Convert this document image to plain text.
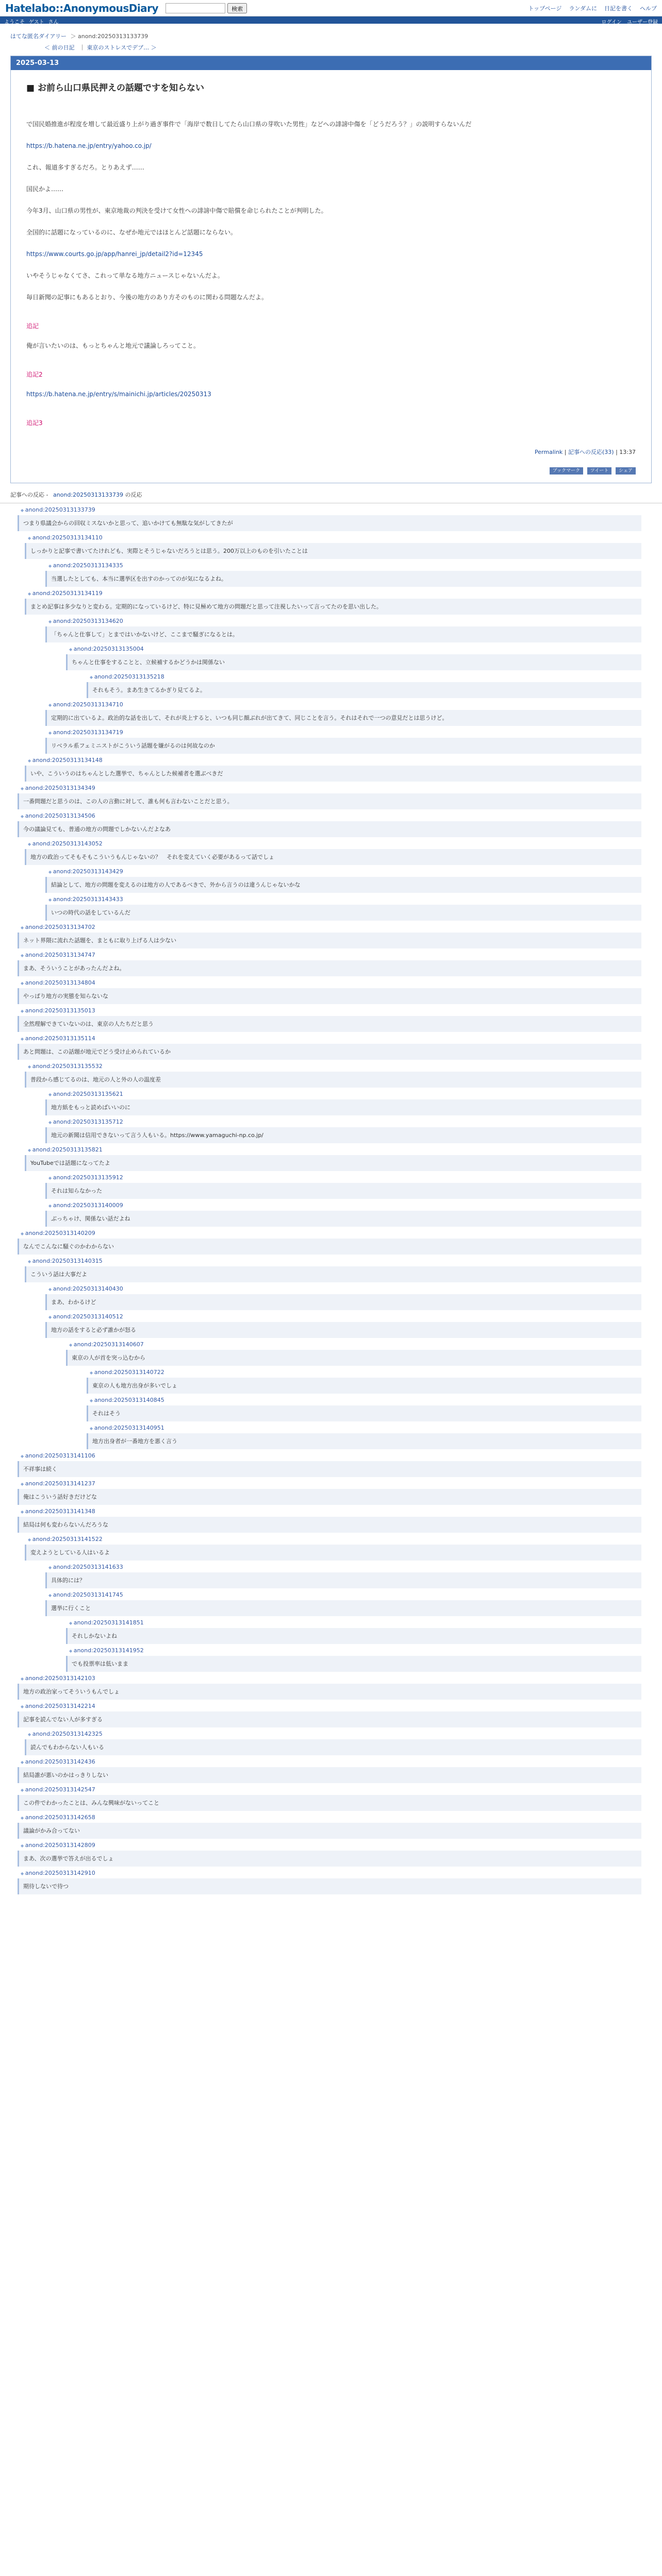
Hatelabo::AnonymousDiary	検索	トップページ ランダムに 日記を書く ヘルプ
ようこそ ゲスト さん	ログイン ユーザー登録
はてな匿名ダイアリー ＞ anond:20250313133739
＜ 前の日記 ｜ 東京のストレスでデブ… ＞
2025-03-13
■ お前ら山口県民押えの話題ですを知らない

で国民婚推進が程度を増して最近盛り上がり過ぎ事件で「海岸で数日してたら山口県の芽吹いた男性」などへの誹謗中傷を「どうだろう？」の説明すらないんだ

https://b.hatena.ne.jp/entry/yahoo.co.jp/

これ、報道多すぎるだろ。とりあえず……

国民かよ……

今年3月、山口県の男性が、東京地裁の判決を受けて女性への誹謗中傷で賠償を命じられたことが判明した。

全国的に話題になっているのに、なぜか地元ではほとんど話題にならない。

https://www.courts.go.jp/app/hanrei_jp/detail2?id=12345

いやそうじゃなくてさ、これって単なる地方ニュースじゃないんだよ。

毎日新聞の記事にもあるとおり、今後の地方のあり方そのものに関わる問題なんだよ。

追記

俺が言いたいのは、もっとちゃんと地元で議論しろってこと。

追記2

https://b.hatena.ne.jp/entry/s/mainichi.jp/articles/20250313

追記3
Permalink | 記事への反応(33) | 13:37
ブックマーク ツイート シェア
記事への反応 - anond:20250313133739 の反応
◆ anond:20250313133739
つまり県議会からの回収ミスないかと思って、追いかけても無駄な気がしてきたが
◆ anond:20250313134110
しっかりと記事で書いてたけれども、実際とそうじゃないだろうとは思う。200万以上のものを引いたことは
◆ anond:20250313134335
当選したとしても、本当に選挙区を出すのかってのが気になるよね。
◆ anond:20250313134119
まとめ記事は多少なりと変わる。定期的になっているけど、特に見極めて地方の問題だと思って注視したいって言ってたのを思い出した。
◆ anond:20250313134620
「ちゃんと仕事して」とまではいかないけど、ここまで騒ぎになるとは。
◆ anond:20250313135004
ちゃんと仕事をすることと、立候補するかどうかは関係ない
◆ anond:20250313135218
それもそう。まあ生きてるかぎり見てるよ。
◆ anond:20250313134710
定期的に出ているよ。政治的な話を出して、それが炎上すると、いつも同じ顔ぶれが出てきて、同じことを言う。それはそれで一つの意見だとは思うけど。
◆ anond:20250313134719
リベラル系フェミニストがこういう話題を嫌がるのは何故なのか
◆ anond:20250313134148
いや、こういうのはちゃんとした選挙で、ちゃんとした候補者を選ぶべきだ
◆ anond:20250313134349
一番問題だと思うのは、この人の言動に対して、誰も何も言わないことだと思う。
◆ anond:20250313134506
今の議論見ても、普通の地方の問題でしかないんだよなあ
◆ anond:20250313143052
地方の政治ってそもそもこういうもんじゃないの？　それを変えていく必要があるって話でしょ
◆ anond:20250313143429
結論として、地方の問題を変えるのは地方の人であるべきで、外から言うのは違うんじゃないかな
◆ anond:20250313143433
いつの時代の話をしているんだ
◆ anond:20250313134702
ネット界隈に流れた話題を、まともに取り上げる人は少ない
◆ anond:20250313134747
まあ、そういうことがあったんだよね。
◆ anond:20250313134804
やっぱり地方の実態を知らないな
◆ anond:20250313135013
全然理解できていないのは、東京の人たちだと思う
◆ anond:20250313135114
あと問題は、この話題が地元でどう受け止められているか
◆ anond:20250313135532
普段から感じてるのは、地元の人と外の人の温度差
◆ anond:20250313135621
地方紙をもっと読めばいいのに
◆ anond:20250313135712
地元の新聞は信用できないって言う人もいる。https://www.yamaguchi-np.co.jp/
◆ anond:20250313135821
YouTubeでは話題になってたよ
◆ anond:20250313135912
それは知らなかった
◆ anond:20250313140009
ぶっちゃけ、関係ない話だよね
◆ anond:20250313140209
なんでこんなに騒ぐのかわからない
◆ anond:20250313140315
こういう話は大事だよ
◆ anond:20250313140430
まあ、わかるけど
◆ anond:20250313140512
地方の話をすると必ず誰かが怒る
◆ anond:20250313140607
東京の人が首を突っ込むから
◆ anond:20250313140722
東京の人も地方出身が多いでしょ
◆ anond:20250313140845
それはそう
◆ anond:20250313140951
地方出身者が一番地方を悪く言う
◆ anond:20250313141106
不祥事は続く
◆ anond:20250313141237
俺はこういう話好きだけどな
◆ anond:20250313141348
結局は何も変わらないんだろうな
◆ anond:20250313141522
変えようとしている人はいるよ
◆ anond:20250313141633
具体的には？
◆ anond:20250313141745
選挙に行くこと
◆ anond:20250313141851
それしかないよね
◆ anond:20250313141952
でも投票率は低いまま
◆ anond:20250313142103
地方の政治家ってそういうもんでしょ
◆ anond:20250313142214
記事を読んでない人が多すぎる
◆ anond:20250313142325
読んでもわからない人もいる
◆ anond:20250313142436
結局誰が悪いのかはっきりしない
◆ anond:20250313142547
この件でわかったことは、みんな興味がないってこと
◆ anond:20250313142658
議論がかみ合ってない
◆ anond:20250313142809
まあ、次の選挙で答えが出るでしょ
◆ anond:20250313142910
期待しないで待つ
